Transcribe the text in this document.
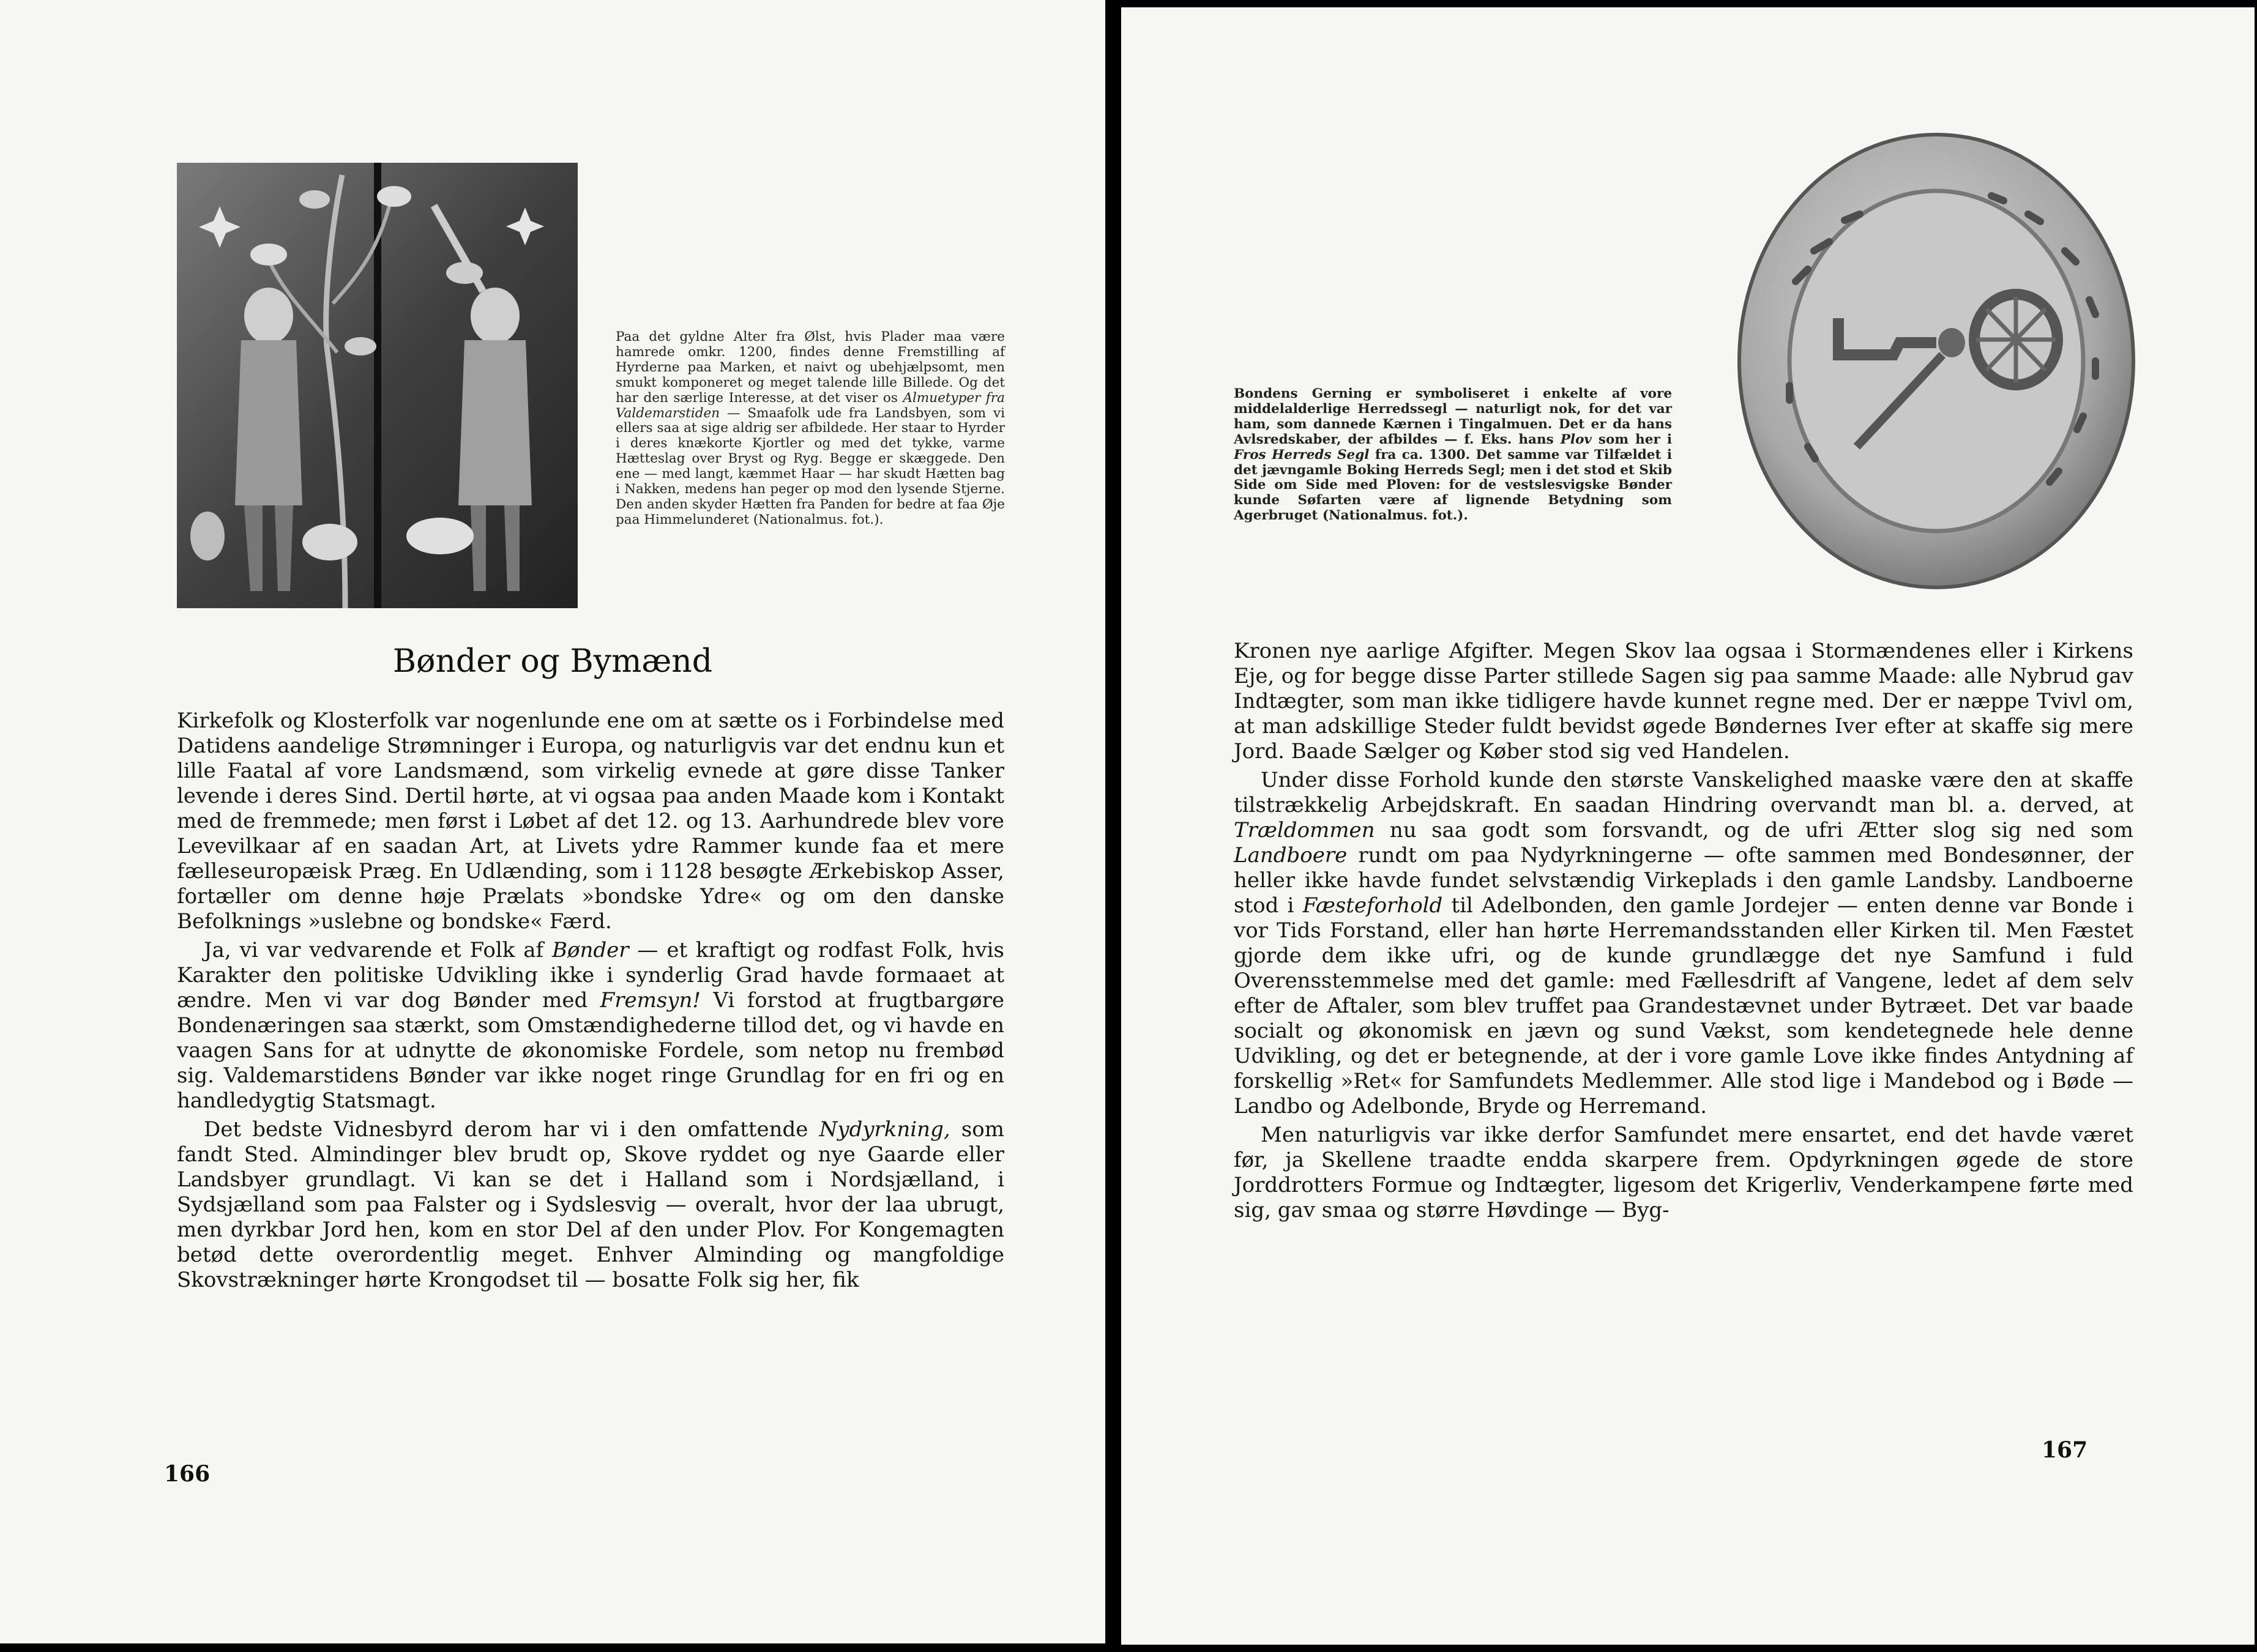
Paa det gyldne Alter fra Ølst, hvis Plader maa være hamrede omkr. 1200, findes denne Fremstilling af Hyrderne paa Marken, et naivt og ubehjælpsomt, men smukt komponeret og meget talende lille Billede. Og det har den særlige Interesse, at det viser os Almuetyper fra Valdemarstiden — Smaafolk ude fra Landsbyen, som vi ellers saa at sige aldrig ser afbildede. Her staar to Hyrder i deres knækorte Kjortler og med det tykke, varme Hætteslag over Bryst og Ryg. Begge er skæggede. Den ene — med langt, kæmmet Haar — har skudt Hætten bag i Nakken, medens han peger op mod den lysende Stjerne. Den anden skyder Hætten fra Panden for bedre at faa Øje paa Himmelunderet (Nationalmus. fot.).

Bønder og Bymænd

Kirkefolk og Klosterfolk var nogenlunde ene om at sætte os i Forbindelse med Datidens aandelige Strømninger i Europa, og naturligvis var det endnu kun et lille Faatal af vore Landsmænd, som virkelig evnede at gøre disse Tanker levende i deres Sind. Dertil hørte, at vi ogsaa paa anden Maade kom i Kontakt med de fremmede; men først i Løbet af det 12. og 13. Aarhundrede blev vore Levevilkaar af en saadan Art, at Livets ydre Rammer kunde faa et mere fælleseuropæisk Præg. En Udlænding, som i 1128 besøgte Ærkebiskop Asser, fortæller om denne høje Prælats »bondske Ydre« og om den danske Befolknings »uslebne og bondske« Færd.

Ja, vi var vedvarende et Folk af Bønder — et kraftigt og rodfast Folk, hvis Karakter den politiske Udvikling ikke i synderlig Grad havde formaaet at ændre. Men vi var dog Bønder med Fremsyn! Vi forstod at frugtbargøre Bondenæringen saa stærkt, som Omstændighederne tillod det, og vi havde en vaagen Sans for at udnytte de økonomiske Fordele, som netop nu frembød sig. Valdemarstidens Bønder var ikke noget ringe Grundlag for en fri og en handledygtig Statsmagt.

Det bedste Vidnesbyrd derom har vi i den omfattende Nydyrkning, som fandt Sted. Almindinger blev brudt op, Skove ryddet og nye Gaarde eller Landsbyer grundlagt. Vi kan se det i Halland som i Nordsjælland, i Sydsjælland som paa Falster og i Sydslesvig — overalt, hvor der laa ubrugt, men dyrkbar Jord hen, kom en stor Del af den under Plov. For Kongemagten betød dette overordentlig meget. Enhver Alminding og mangfoldige Skovstrækninger hørte Krongodset til — bosatte Folk sig her, fik

166

Bondens Gerning er symboliseret i enkelte af vore middelalderlige Herredssegl — naturligt nok, for det var ham, som dannede Kærnen i Tingalmuen. Det er da hans Avlsredskaber, der afbildes — f. Eks. hans Plov som her i Fros Herreds Segl fra ca. 1300. Det samme var Tilfældet i det jævngamle Boking Herreds Segl; men i det stod et Skib Side om Side med Ploven: for de vestslesvigske Bønder kunde Søfarten være af lignende Betydning som Agerbruget (Nationalmus. fot.).

Kronen nye aarlige Afgifter. Megen Skov laa ogsaa i Stormændenes eller i Kirkens Eje, og for begge disse Parter stillede Sagen sig paa samme Maade: alle Nybrud gav Indtægter, som man ikke tidligere havde kunnet regne med. Der er næppe Tvivl om, at man adskillige Steder fuldt bevidst øgede Bøndernes Iver efter at skaffe sig mere Jord. Baade Sælger og Køber stod sig ved Handelen.

Under disse Forhold kunde den største Vanskelighed maaske være den at skaffe tilstrækkelig Arbejdskraft. En saadan Hindring overvandt man bl. a. derved, at Trældommen nu saa godt som forsvandt, og de ufri Ætter slog sig ned som Landboere rundt om paa Nydyrkningerne — ofte sammen med Bondesønner, der heller ikke havde fundet selvstændig Virkeplads i den gamle Landsby. Landboerne stod i Fæsteforhold til Adelbonden, den gamle Jordejer — enten denne var Bonde i vor Tids Forstand, eller han hørte Herremandsstanden eller Kirken til. Men Fæstet gjorde dem ikke ufri, og de kunde grundlægge det nye Samfund i fuld Overensstemmelse med det gamle: med Fællesdrift af Vangene, ledet af dem selv efter de Aftaler, som blev truffet paa Grandestævnet under Bytræet. Det var baade socialt og økonomisk en jævn og sund Vækst, som kendetegnede hele denne Udvikling, og det er betegnende, at der i vore gamle Love ikke findes Antydning af forskellig »Ret« for Samfundets Medlemmer. Alle stod lige i Mandebod og i Bøde — Landbo og Adelbonde, Bryde og Herremand.

Men naturligvis var ikke derfor Samfundet mere ensartet, end det havde været før, ja Skellene traadte endda skarpere frem. Opdyrkningen øgede de store Jorddrotters Formue og Indtægter, ligesom det Krigerliv, Venderkampene førte med sig, gav smaa og større Høvdinge — Byg-

167
